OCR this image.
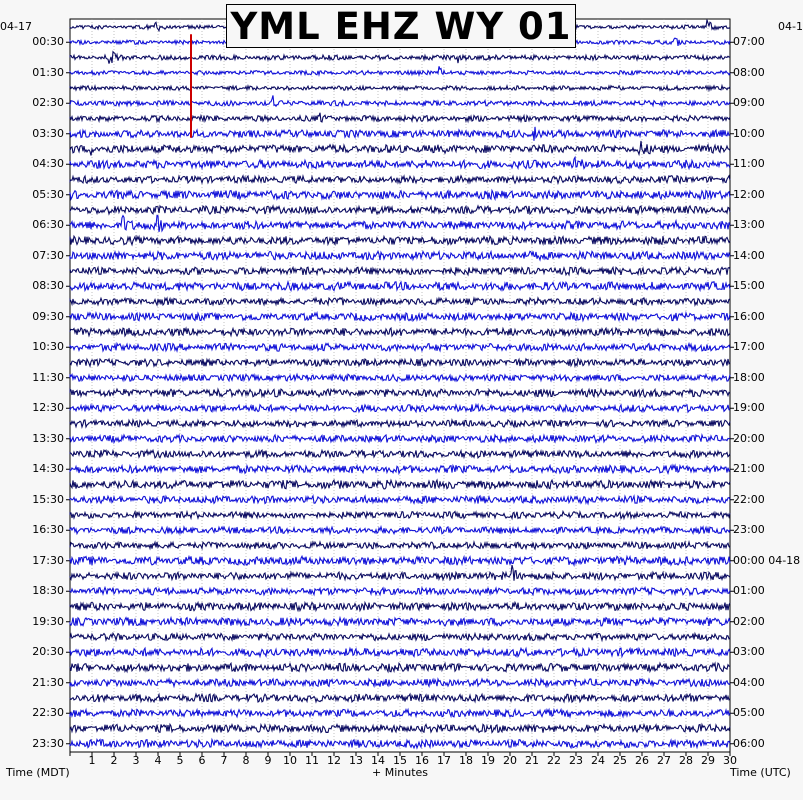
YML EHZ WY 01
04-17	04-1
00:30
01:30
02:30
03:30
04:30
05:30
06:30
07:30
08:30
09:30
10:30
11:30
12:30
13:30
14:30
15:30
16:30
17:30
18:30
19:30
20:30
21:30
22:30
23:30
07:00
08:00
09:00
10:00
11:00
12:00
13:00
14:00
15:00
16:00
17:00
18:00
19:00
20:00
21:00
22:00
23:00
00:00 04-18
01:00
02:00
03:00
04:00
05:00
06:00
1 2 3 4 5 6 7 8 9 10 11 12 13 14 15 16 17 18 19 20 21 22 23 24 25 26 27 28 29 30
Time (MDT)	+ Minutes	Time (UTC)
